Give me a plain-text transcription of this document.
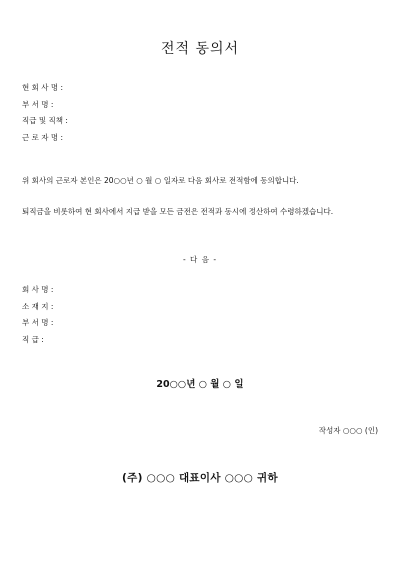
전적 동의서
현 회 사 명 :
부 서 명 :
직급 및 직책 :
근 로 자 명 :
위 회사의 근로자 본인은 20○○년 ○ 월 ○ 일자로 다음 회사로 전적함에 동의합니다.
퇴직금을 비롯하여 현 회사에서 지급 받을 모든 금전은 전적과 동시에 정산하여 수령하겠습니다.
- 다 음 -
회 사 명 :
소 재 지 :
부 서 명 :
직 급 :
20○○년 ○ 월 ○ 일
작성자 ○○○ (인)
(주) ○○○ 대표이사 ○○○ 귀하
